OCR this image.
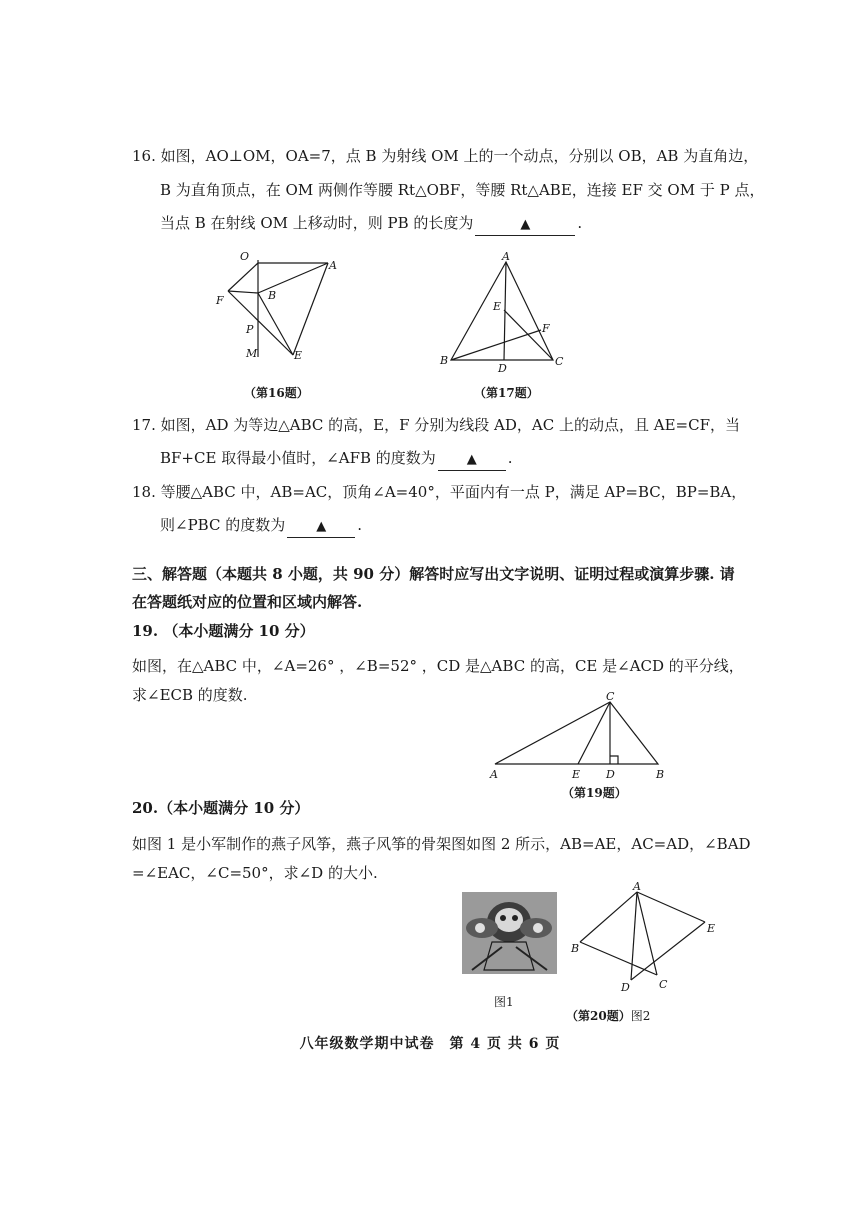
16. 如图，AO⊥OM，OA=7，点 B 为射线 OM 上的一个动点，分别以 OB，AB 为直角边，
B 为直角顶点，在 OM 两侧作等腰 Rt△OBF，等腰 Rt△ABE，连接 EF 交 OM 于 P 点，
当点 B 在射线 OM 上移动时，则 PB 的长度为	▲	.
O
A
F	B
P
M	E
（第16题）
A
E
F
B
D
C
（第17题）
17. 如图，AD 为等边△ABC 的高，E，F 分别为线段 AD，AC 上的动点，且 AE=CF，当
BF+CE 取得最小值时，∠AFB 的度数为 ▲ .
18. 等腰△ABC 中，AB=AC，顶角∠A=40°，平面内有一点 P，满足 AP=BC，BP=BA，
则∠PBC 的度数为 ▲ .
三、解答题（本题共 8 小题，共 90 分）解答时应写出文字说明、证明过程或演算步骤. 请
在答题纸对应的位置和区域内解答.
19. （本小题满分 10 分）
如图，在△ABC 中，∠A=26° ，∠B=52° ，CD 是△ABC 的高，CE 是∠ACD 的平分线，
求∠ECB 的度数.	C
A	E D	B
（第19题）
20.（本小题满分 10 分）
如图 1 是小军制作的燕子风筝，燕子风筝的骨架图如图 2 所示，AB=AE，AC=AD，∠BAD
=∠EAC，∠C=50°，求∠D 的大小.
图1
A
B
E
D	C
（第20题）图2
八年级数学期中试卷　第 4 页 共 6 页
